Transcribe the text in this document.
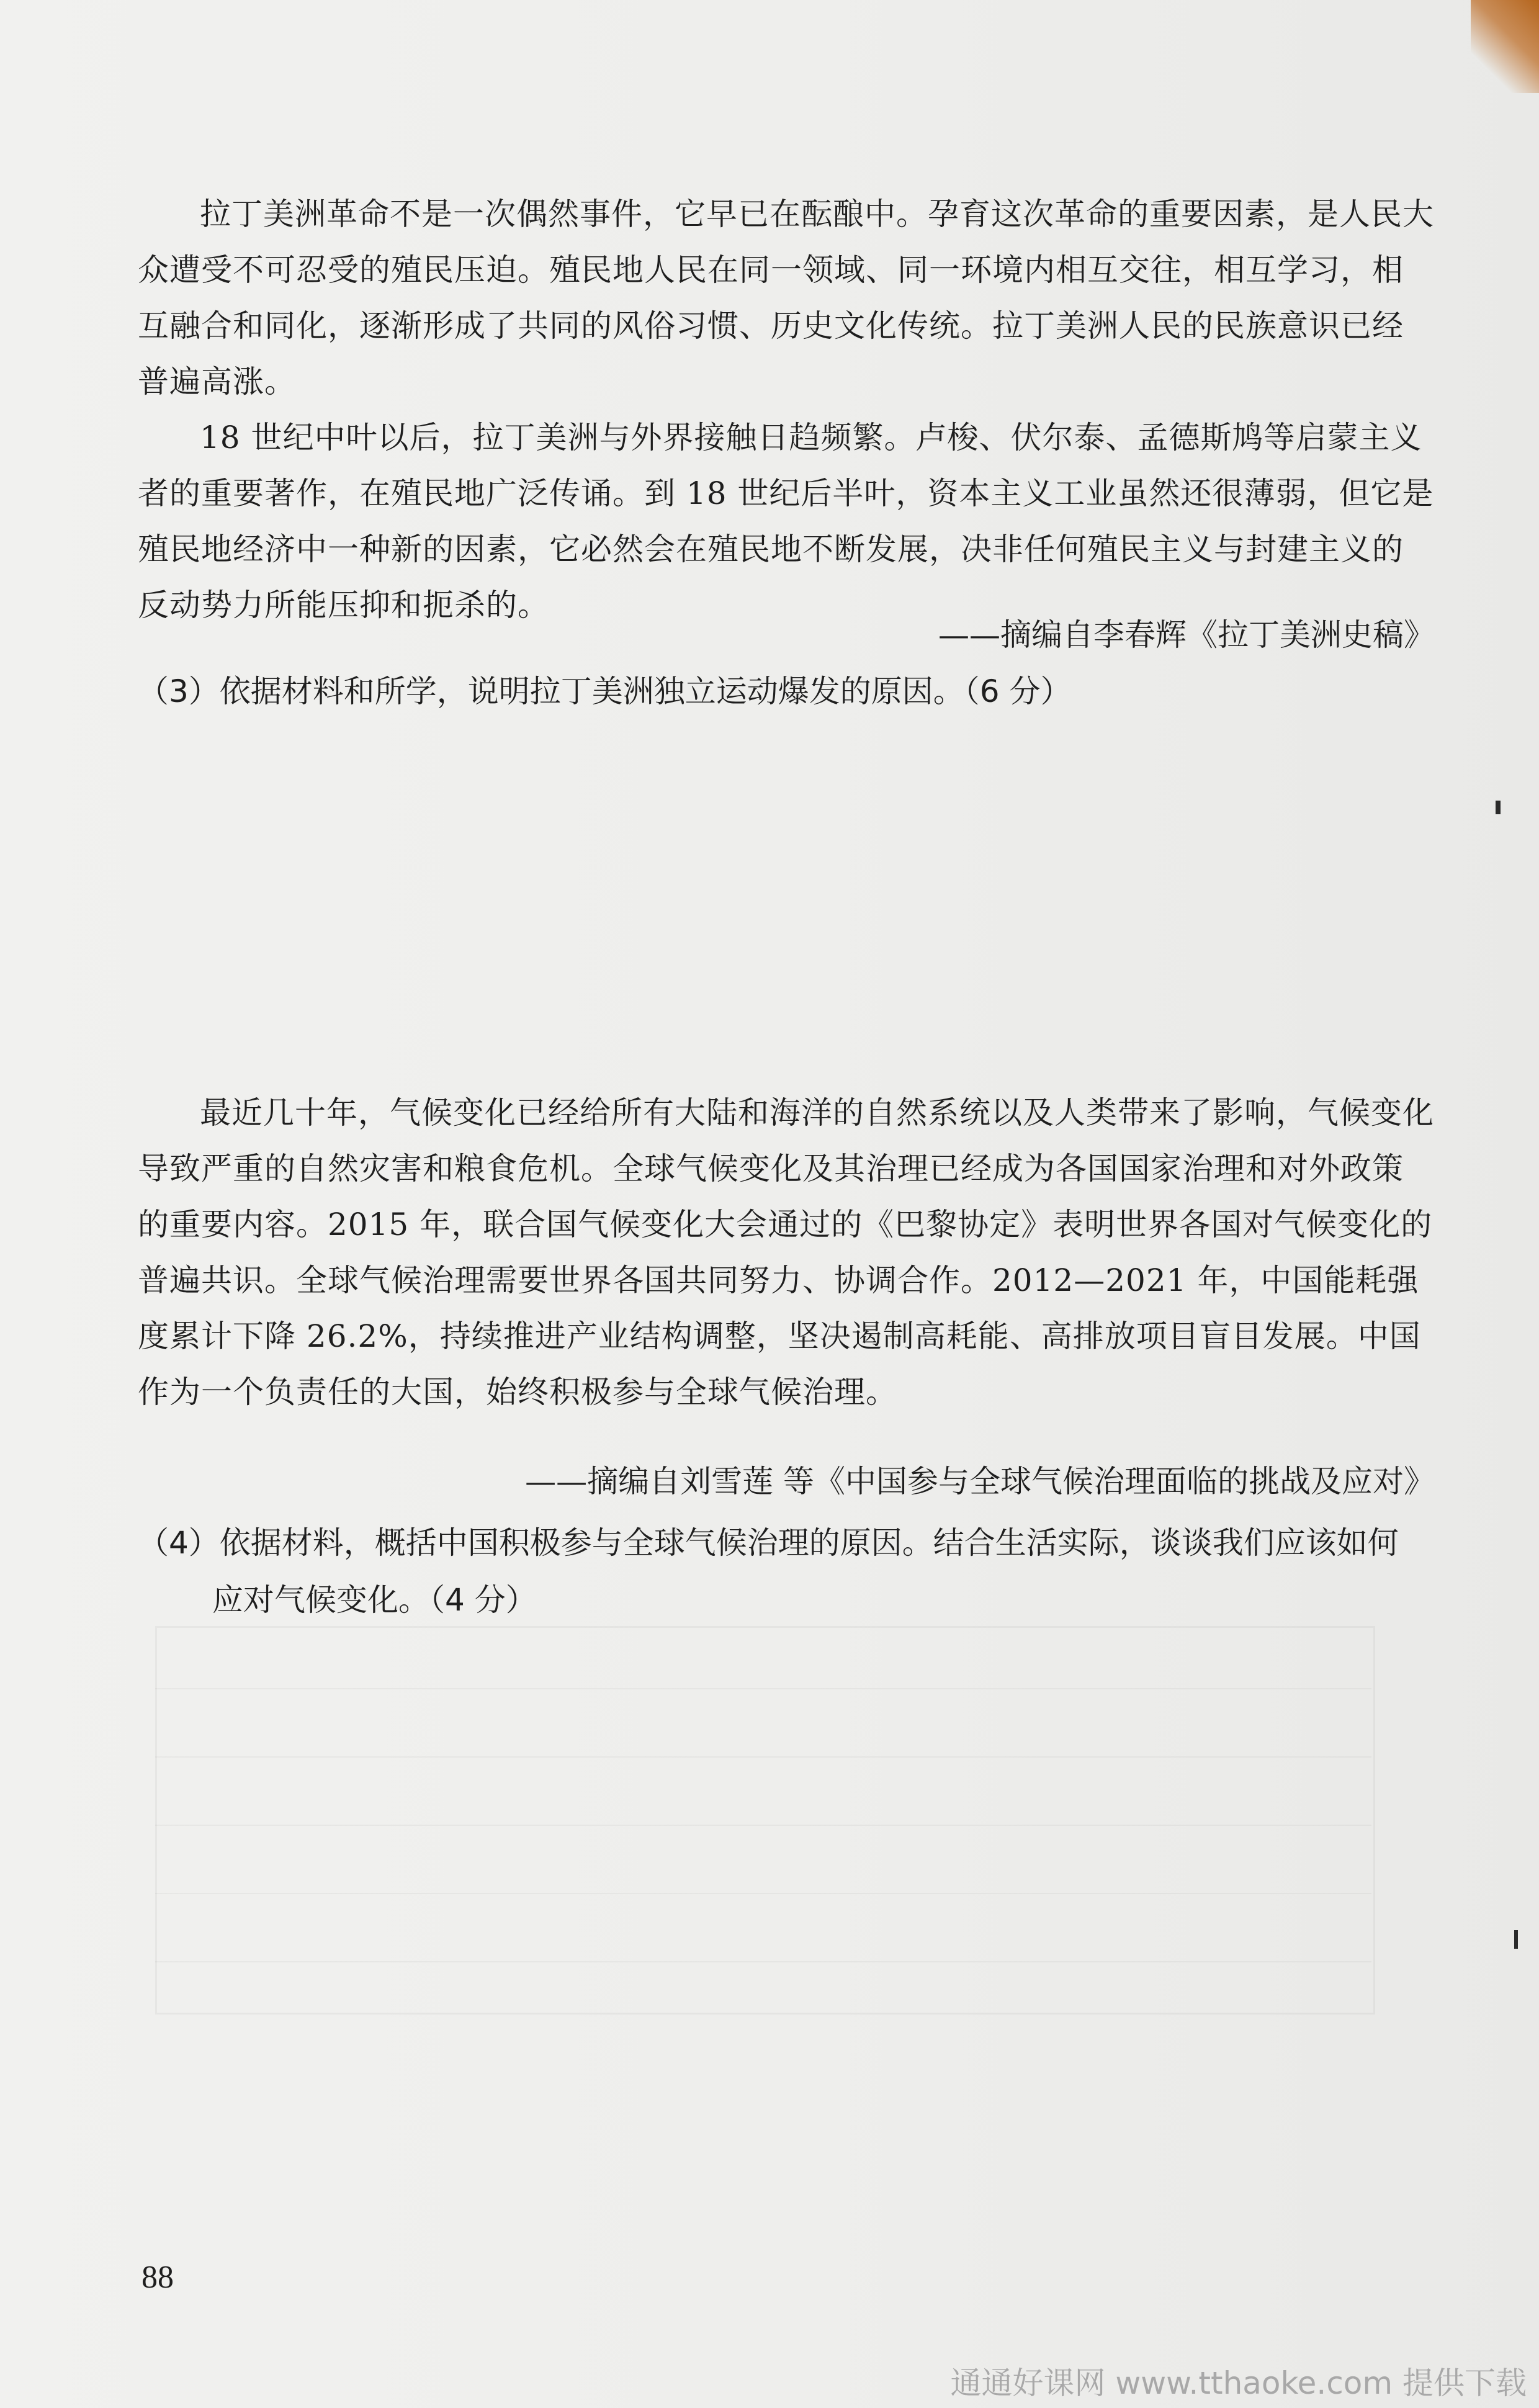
拉丁美洲革命不是一次偶然事件，它早已在酝酿中。孕育这次革命的重要因素，是人民大众遭受不可忍受的殖民压迫。殖民地人民在同一领域、同一环境内相互交往，相互学习，相互融合和同化，逐渐形成了共同的风俗习惯、历史文化传统。拉丁美洲人民的民族意识已经普遍高涨。

18 世纪中叶以后，拉丁美洲与外界接触日趋频繁。卢梭、伏尔泰、孟德斯鸠等启蒙主义者的重要著作，在殖民地广泛传诵。到 18 世纪后半叶，资本主义工业虽然还很薄弱，但它是殖民地经济中一种新的因素，它必然会在殖民地不断发展，决非任何殖民主义与封建主义的反动势力所能压抑和扼杀的。

——摘编自李春辉《拉丁美洲史稿》

（3）依据材料和所学，说明拉丁美洲独立运动爆发的原因。（6 分）

最近几十年，气候变化已经给所有大陆和海洋的自然系统以及人类带来了影响，气候变化导致严重的自然灾害和粮食危机。全球气候变化及其治理已经成为各国国家治理和对外政策的重要内容。2015 年，联合国气候变化大会通过的《巴黎协定》表明世界各国对气候变化的普遍共识。全球气候治理需要世界各国共同努力、协调合作。2012—2021 年，中国能耗强度累计下降 26.2%，持续推进产业结构调整，坚决遏制高耗能、高排放项目盲目发展。中国作为一个负责任的大国，始终积极参与全球气候治理。

——摘编自刘雪莲 等《中国参与全球气候治理面临的挑战及应对》

（4）依据材料，概括中国积极参与全球气候治理的原因。结合生活实际，谈谈我们应该如何
应对气候变化。（4 分）

88

通通好课网 www.tthaoke.com 提供下载
